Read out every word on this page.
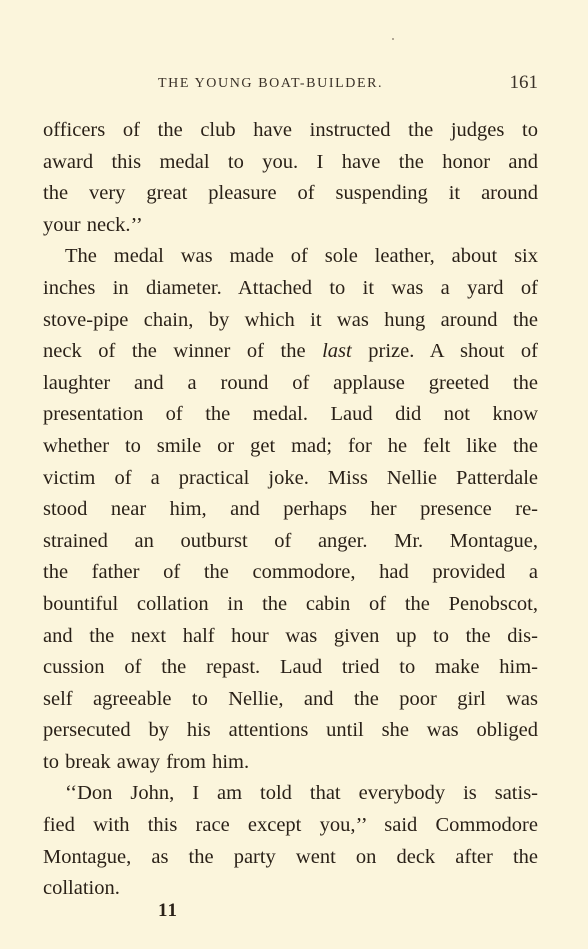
THE YOUNG BOAT-BUILDER.	161
officers of the club have instructed the judges to
award this medal to you. I have the honor and
the very great pleasure of suspending it around
your neck.’’
The medal was made of sole leather, about six
inches in diameter. Attached to it was a yard of
stove-pipe chain, by which it was hung around the
neck of the winner of the last prize. A shout of
laughter and a round of applause greeted the
presentation of the medal. Laud did not know
whether to smile or get mad; for he felt like the
victim of a practical joke. Miss Nellie Patterdale
stood near him, and perhaps her presence re-
strained an outburst of anger. Mr. Montague,
the father of the commodore, had provided a
bountiful collation in the cabin of the Penobscot,
and the next half hour was given up to the dis-
cussion of the repast. Laud tried to make him-
self agreeable to Nellie, and the poor girl was
persecuted by his attentions until she was obliged
to break away from him.
‘‘Don John, I am told that everybody is satis-
fied with this race except you,’’ said Commodore
Montague, as the party went on deck after the
collation.
11
